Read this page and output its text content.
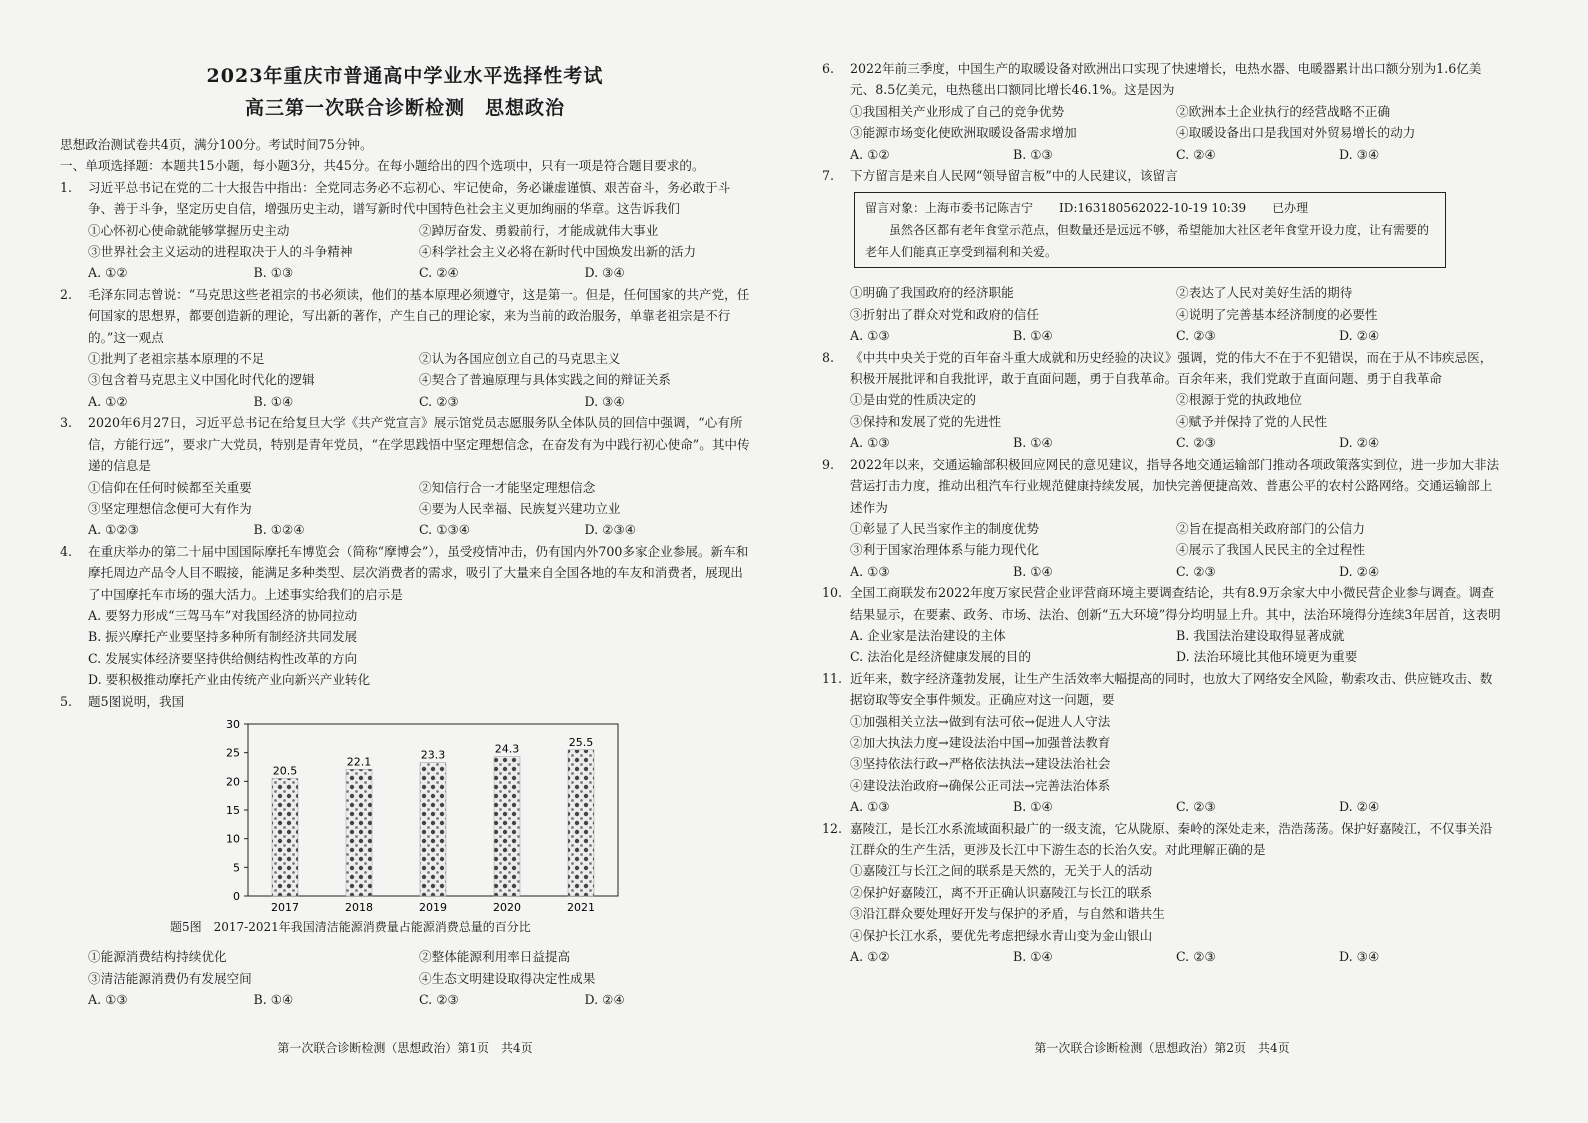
2023年重庆市普通高中学业水平选择性考试
高三第一次联合诊断检测　思想政治
思想政治测试卷共4页，满分100分。考试时间75分钟。
一、单项选择题：本题共15小题，每小题3分，共45分。在每小题给出的四个选项中，只有一项是符合题目要求的。
1. 习近平总书记在党的二十大报告中指出：全党同志务必不忘初心、牢记使命，务必谦虚谨慎、艰苦奋斗，务必敢于斗争、善于斗争，坚定历史自信，增强历史主动，谱写新时代中国特色社会主义更加绚丽的华章。这告诉我们
①心怀初心使命就能够掌握历史主动	②踔厉奋发、勇毅前行，才能成就伟大事业
③世界社会主义运动的进程取决于人的斗争精神	④科学社会主义必将在新时代中国焕发出新的活力
A. ①②	B. ①③	C. ②④	D. ③④
2. 毛泽东同志曾说：“马克思这些老祖宗的书必须读，他们的基本原理必须遵守，这是第一。但是，任何国家的共产党，任何国家的思想界，都要创造新的理论，写出新的著作，产生自己的理论家，来为当前的政治服务，单靠老祖宗是不行的。”这一观点
①批判了老祖宗基本原理的不足	②认为各国应创立自己的马克思主义
③包含着马克思主义中国化时代化的逻辑	④契合了普遍原理与具体实践之间的辩证关系
A. ①②	B. ①④	C. ②③	D. ③④
3. 2020年6月27日，习近平总书记在给复旦大学《共产党宣言》展示馆党员志愿服务队全体队员的回信中强调，“心有所信，方能行远”，要求广大党员，特别是青年党员，“在学思践悟中坚定理想信念，在奋发有为中践行初心使命”。其中传递的信息是
①信仰在任何时候都至关重要	②知信行合一才能坚定理想信念
③坚定理想信念便可大有作为	④要为人民幸福、民族复兴建功立业
A. ①②③	B. ①②④	C. ①③④	D. ②③④
4. 在重庆举办的第二十届中国国际摩托车博览会（简称“摩博会”），虽受疫情冲击，仍有国内外700多家企业参展。新车和摩托周边产品令人目不暇接，能满足多种类型、层次消费者的需求，吸引了大量来自全国各地的车友和消费者，展现出了中国摩托车市场的强大活力。上述事实给我们的启示是
A. 要努力形成“三驾马车”对我国经济的协同拉动
B. 振兴摩托产业要坚持多种所有制经济共同发展
C. 发展实体经济要坚持供给侧结构性改革的方向
D. 要积极推动摩托产业由传统产业向新兴产业转化
5. 题5图说明，我国
0
5
10
15
20
25
30
20.5
2017
22.1
2018
23.3
2019
24.3
2020
25.5
2021
题5图　2017-2021年我国清洁能源消费量占能源消费总量的百分比
①能源消费结构持续优化	②整体能源利用率日益提高
③清洁能源消费仍有发展空间	④生态文明建设取得决定性成果
A. ①③	B. ①④	C. ②③	D. ②④
第一次联合诊断检测（思想政治）第1页　共4页
6. 2022年前三季度，中国生产的取暖设备对欧洲出口实现了快速增长，电热水器、电暖器累计出口额分别为1.6亿美元、8.5亿美元，电热毯出口额同比增长46.1%。这是因为
①我国相关产业形成了自己的竞争优势	②欧洲本土企业执行的经营战略不正确
③能源市场变化使欧洲取暖设备需求增加	④取暖设备出口是我国对外贸易增长的动力
A. ①②	B. ①③	C. ②④	D. ③④
7. 下方留言是来自人民网“领导留言板”中的人民建议，该留言
留言对象：上海市委书记陈吉宁 ID:163180562022-10-19 10:39 已办理
虽然各区都有老年食堂示范点，但数量还是远远不够，希望能加大社区老年食堂开设力度，让有需要的老年人们能真正享受到福利和关爱。
①明确了我国政府的经济职能	②表达了人民对美好生活的期待
③折射出了群众对党和政府的信任	④说明了完善基本经济制度的必要性
A. ①③	B. ①④	C. ②③	D. ②④
8. 《中共中央关于党的百年奋斗重大成就和历史经验的决议》强调，党的伟大不在于不犯错误，而在于从不讳疾忌医，积极开展批评和自我批评，敢于直面问题，勇于自我革命。百余年来，我们党敢于直面问题、勇于自我革命
①是由党的性质决定的	②根源于党的执政地位
③保持和发展了党的先进性	④赋予并保持了党的人民性
A. ①③	B. ①④	C. ②③	D. ②④
9. 2022年以来，交通运输部积极回应网民的意见建议，指导各地交通运输部门推动各项政策落实到位，进一步加大非法营运打击力度，推动出租汽车行业规范健康持续发展，加快完善便捷高效、普惠公平的农村公路网络。交通运输部上述作为
①彰显了人民当家作主的制度优势	②旨在提高相关政府部门的公信力
③利于国家治理体系与能力现代化	④展示了我国人民民主的全过程性
A. ①③	B. ①④	C. ②③	D. ②④
10. 全国工商联发布2022年度万家民营企业评营商环境主要调查结论，共有8.9万余家大中小微民营企业参与调查。调查结果显示，在要素、政务、市场、法治、创新“五大环境”得分均明显上升。其中，法治环境得分连续3年居首，这表明
A. 企业家是法治建设的主体	B. 我国法治建设取得显著成就
C. 法治化是经济健康发展的目的	D. 法治环境比其他环境更为重要
11. 近年来，数字经济蓬勃发展，让生产生活效率大幅提高的同时，也放大了网络安全风险，勒索攻击、供应链攻击、数据窃取等安全事件频发。正确应对这一问题，要
①加强相关立法→做到有法可依→促进人人守法
②加大执法力度→建设法治中国→加强普法教育
③坚持依法行政→严格依法执法→建设法治社会
④建设法治政府→确保公正司法→完善法治体系
A. ①③	B. ①④	C. ②③	D. ②④
12. 嘉陵江，是长江水系流域面积最广的一级支流，它从陇原、秦岭的深处走来，浩浩荡荡。保护好嘉陵江，不仅事关沿江群众的生产生活，更涉及长江中下游生态的长治久安。对此理解正确的是
①嘉陵江与长江之间的联系是天然的，无关于人的活动
②保护好嘉陵江，离不开正确认识嘉陵江与长江的联系
③沿江群众要处理好开发与保护的矛盾，与自然和谐共生
④保护长江水系，要优先考虑把绿水青山变为金山银山
A. ①②	B. ①④	C. ②③	D. ③④
第一次联合诊断检测（思想政治）第2页　共4页
